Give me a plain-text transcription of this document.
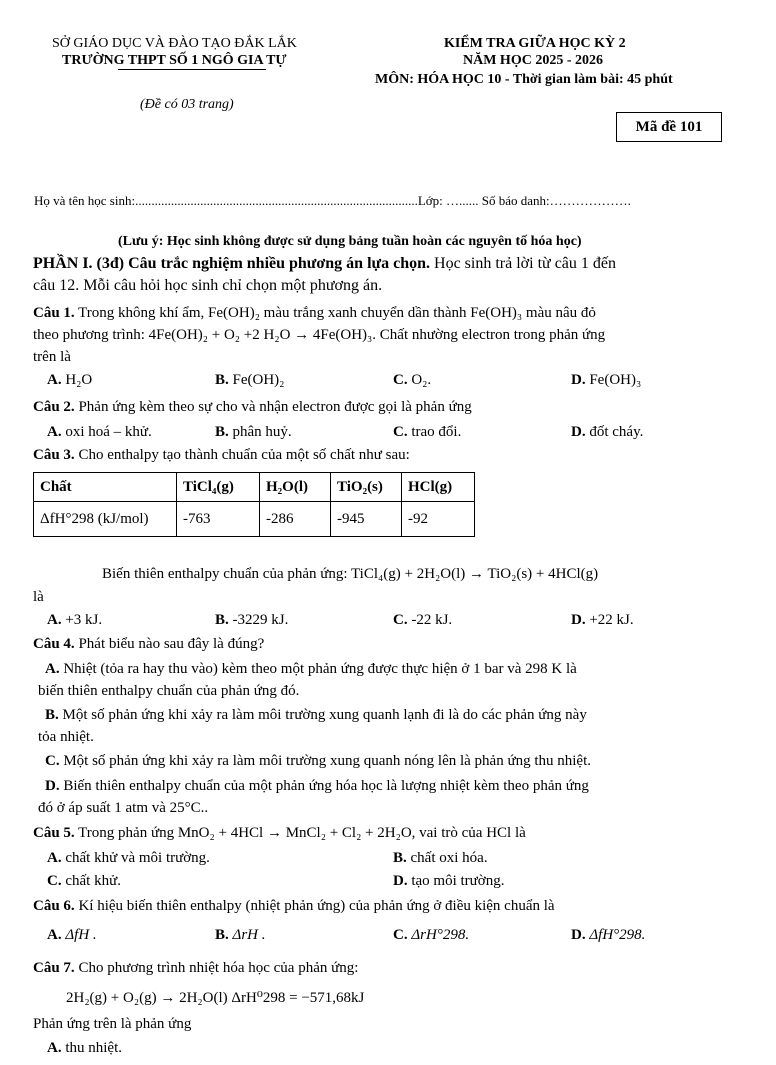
SỞ GIÁO DỤC VÀ ĐÀO TẠO ĐẮK LẮK
TRƯỜNG THPT SỐ 1 NGÔ GIA TỰ
(Đề có 03 trang)
KIỂM TRA GIỮA HỌC KỲ 2
NĂM HỌC 2025 - 2026
MÔN: HÓA HỌC 10 - Thời gian làm bài: 45 phút
Mã đề 101
Họ và tên học sinh:.......................................................................................Lớp: …...... Số báo danh:……………….
(Lưu ý: Học sinh không được sử dụng bảng tuần hoàn các nguyên tố hóa học)
PHẦN I. (3đ) Câu trắc nghiệm nhiều phương án lựa chọn. Học sinh trả lời từ câu 1 đến
câu 12. Mỗi câu hỏi học sinh chỉ chọn một phương án.
Câu 1. Trong không khí ẩm, Fe(OH)₂ màu trắng xanh chuyển dần thành Fe(OH)₃ màu nâu đỏ
theo phương trình: 4Fe(OH)₂ + O₂ +2 H₂O → 4Fe(OH)₃. Chất nhường electron trong phản ứng
trên là
A. H₂O	B. Fe(OH)₂	C. O₂.	D. Fe(OH)₃
Câu 2. Phản ứng kèm theo sự cho và nhận electron được gọi là phản ứng
A. oxi hoá – khử.	B. phân huỷ.	C. trao đổi.	D. đốt cháy.
Câu 3. Cho enthalpy tạo thành chuẩn của một số chất như sau:
Chất	TiCl₄(g)	H₂O(l)	TiO₂(s)	HCl(g)
ΔfH°298 (kJ/mol)	-763	-286	-945	-92
Biến thiên enthalpy chuẩn của phản ứng: TiCl₄(g) + 2H₂O(l) → TiO₂(s) + 4HCl(g)
là
A. +3 kJ.	B. -3229 kJ.	C. -22 kJ.	D. +22 kJ.
Câu 4. Phát biểu nào sau đây là đúng?
A. Nhiệt (tỏa ra hay thu vào) kèm theo một phản ứng được thực hiện ở 1 bar và 298 K là
biến thiên enthalpy chuẩn của phản ứng đó.
B. Một số phản ứng khi xảy ra làm môi trường xung quanh lạnh đi là do các phản ứng này
tỏa nhiệt.
C. Một số phản ứng khi xảy ra làm môi trường xung quanh nóng lên là phản ứng thu nhiệt.
D. Biến thiên enthalpy chuẩn của một phản ứng hóa học là lượng nhiệt kèm theo phản ứng
đó ở áp suất 1 atm và 25°C..
Câu 5. Trong phản ứng MnO₂ + 4HCl → MnCl₂ + Cl₂ + 2H₂O, vai trò của HCl là
A. chất khử và môi trường.	B. chất oxi hóa.
C. chất khử.	D. tạo môi trường.
Câu 6. Kí hiệu biến thiên enthalpy (nhiệt phản ứng) của phản ứng ở điều kiện chuẩn là
A. ΔfH .	B. ΔrH .	C. ΔrH°298.	D. ΔfH°298.
Câu 7. Cho phương trình nhiệt hóa học của phản ứng:
2H₂(g) + O₂(g) → 2H₂O(l) ΔrH⁰298 = −571,68kJ
Phản ứng trên là phản ứng
A. thu nhiệt.
